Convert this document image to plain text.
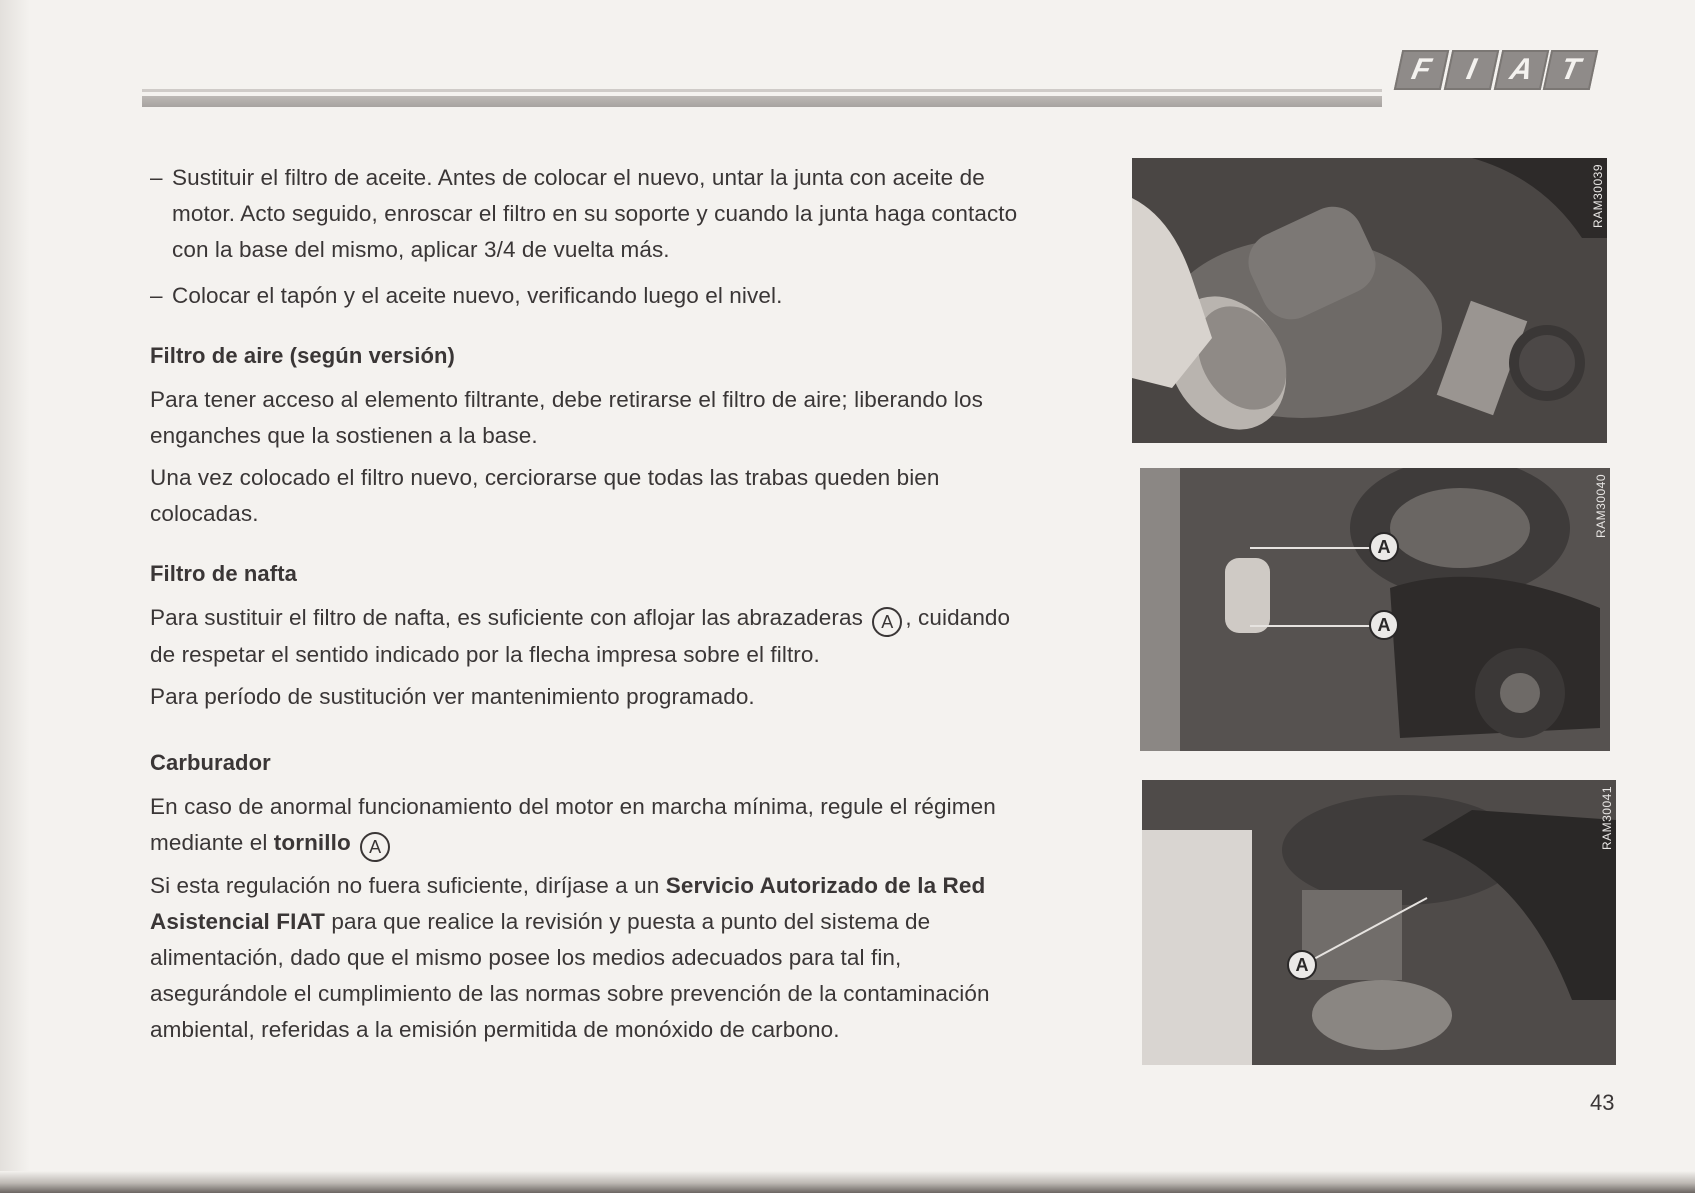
F I A T
– Sustituir el filtro de aceite. Antes de colocar el nuevo, untar la junta con aceite de motor. Acto seguido, enroscar el filtro en su soporte y cuando la junta haga contacto con la base del mismo, aplicar 3/4 de vuelta más.

– Colocar el tapón y el aceite nuevo, verificando luego el nivel.

Filtro de aire (según versión)

Para tener acceso al elemento filtrante, debe retirarse el filtro de aire; liberando los enganches que la sostienen a la base.

Una vez colocado el filtro nuevo, cerciorarse que todas las trabas queden bien colocadas.

Filtro de nafta

Para sustituir el filtro de nafta, es suficiente con aflojar las abrazaderas A , cuidando de respetar el sentido indicado por la flecha impresa sobre el filtro.

Para período de sustitución ver mantenimiento programado.

Carburador

En caso de anormal funcionamiento del motor en marcha mínima, regule el régimen mediante el tornillo A

Si esta regulación no fuera suficiente, diríjase a un Servicio Autorizado de la Red Asistencial FIAT para que realice la revisión y puesta a punto del sistema de alimentación, dado que el mismo posee los medios adecuados para tal fin, asegurándole el cumplimiento de las normas sobre prevención de la contaminación ambiental, referidas a la emisión permitida de monóxido de carbono.

RAM30039
A
A
RAM30040
A
RAM30041
43
